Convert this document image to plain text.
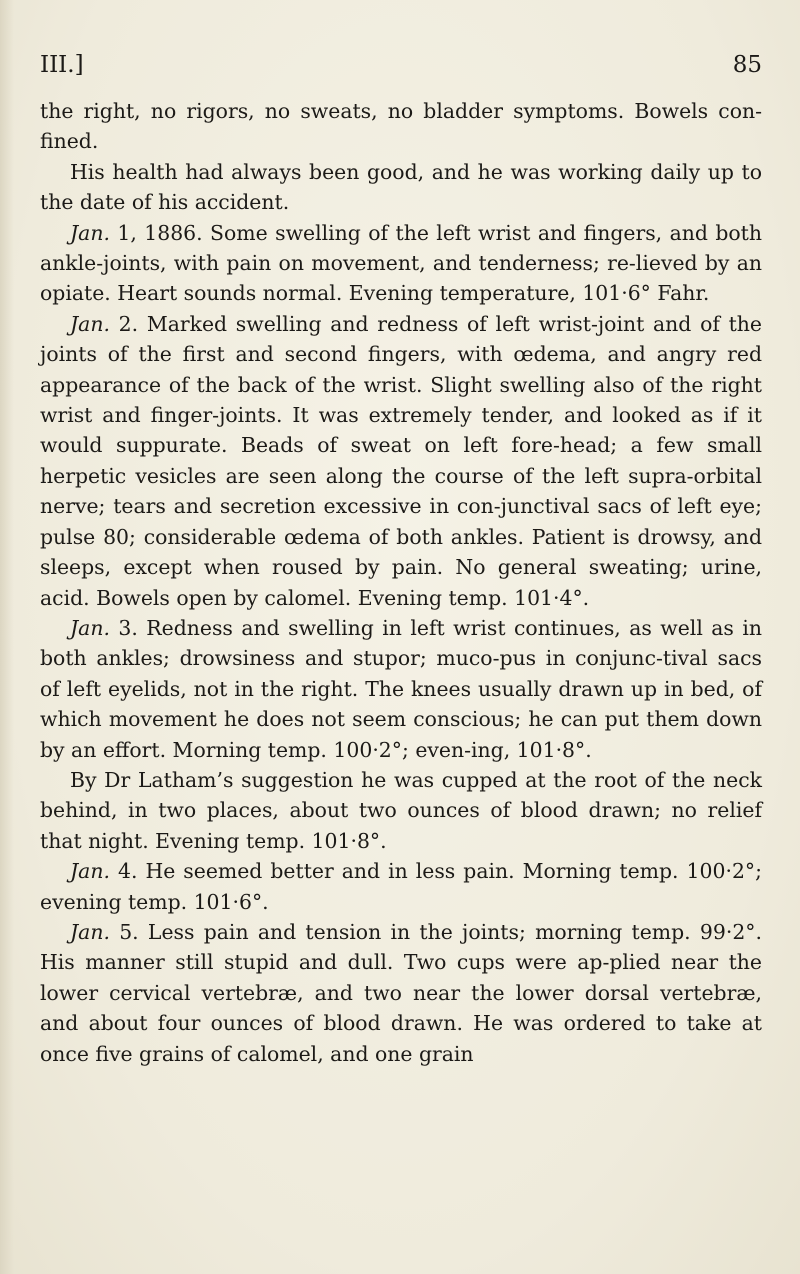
III.]	85

the right, no rigors, no sweats, no bladder symptoms. Bowels con-fined.

His health had always been good, and he was working daily up to the date of his accident.

Jan. 1, 1886. Some swelling of the left wrist and fingers, and both ankle-joints, with pain on movement, and tenderness; re-lieved by an opiate. Heart sounds normal. Evening temperature, 101·6° Fahr.

Jan. 2. Marked swelling and redness of left wrist-joint and of the joints of the first and second fingers, with œdema, and angry red appearance of the back of the wrist. Slight swelling also of the right wrist and finger-joints. It was extremely tender, and looked as if it would suppurate. Beads of sweat on left fore-head; a few small herpetic vesicles are seen along the course of the left supra-orbital nerve; tears and secretion excessive in con-junctival sacs of left eye; pulse 80; considerable œdema of both ankles. Patient is drowsy, and sleeps, except when roused by pain. No general sweating; urine, acid. Bowels open by calomel. Evening temp. 101·4°.

Jan. 3. Redness and swelling in left wrist continues, as well as in both ankles; drowsiness and stupor; muco-pus in conjunc-tival sacs of left eyelids, not in the right. The knees usually drawn up in bed, of which movement he does not seem conscious; he can put them down by an effort. Morning temp. 100·2°; even-ing, 101·8°.

By Dr Latham’s suggestion he was cupped at the root of the neck behind, in two places, about two ounces of blood drawn; no relief that night. Evening temp. 101·8°.

Jan. 4. He seemed better and in less pain. Morning temp. 100·2°; evening temp. 101·6°.

Jan. 5. Less pain and tension in the joints; morning temp. 99·2°. His manner still stupid and dull. Two cups were ap-plied near the lower cervical vertebræ, and two near the lower dorsal vertebræ, and about four ounces of blood drawn. He was ordered to take at once five grains of calomel, and one grain
